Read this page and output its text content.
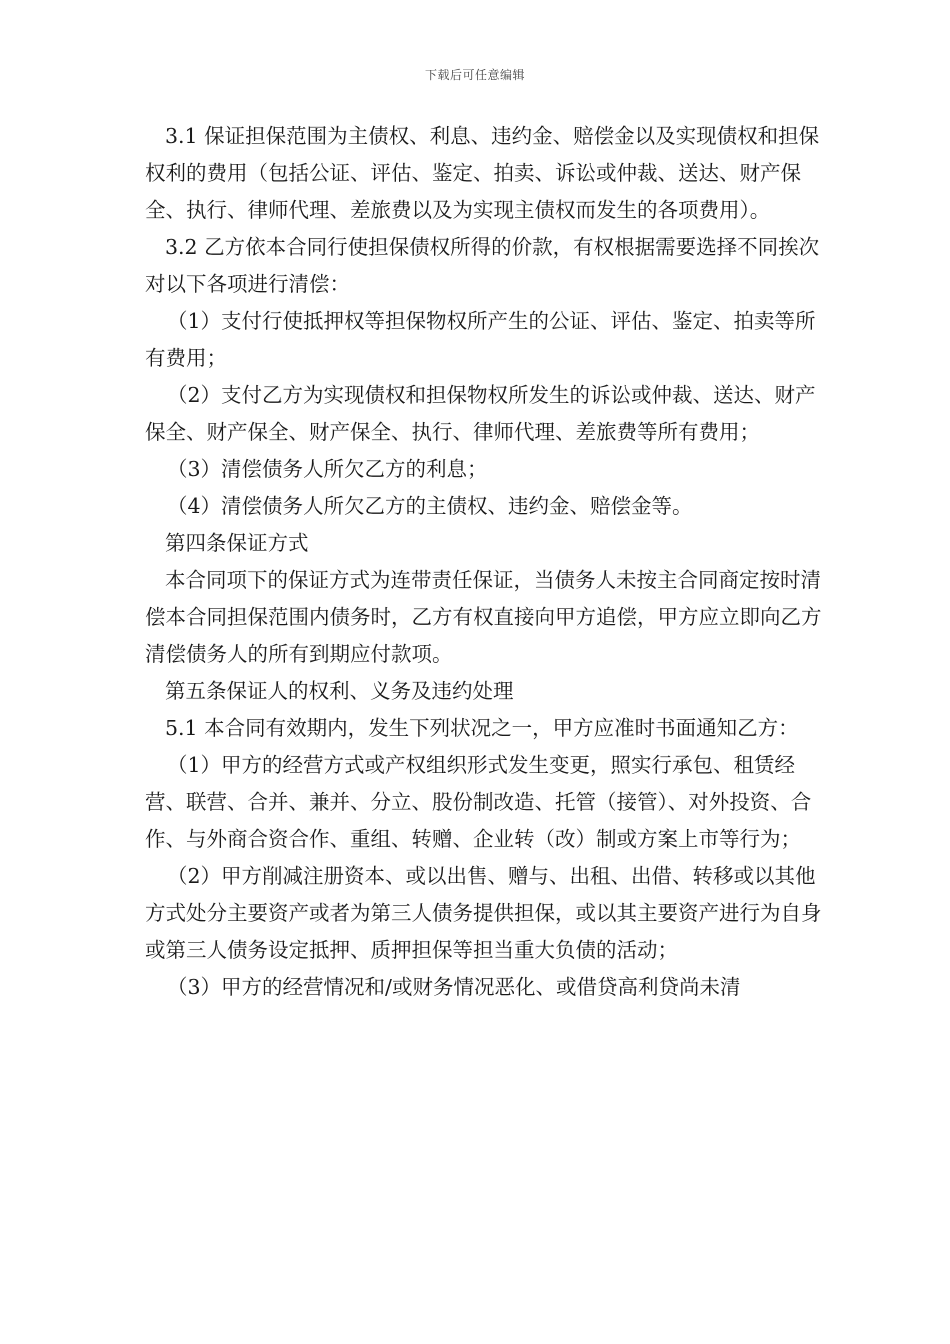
下载后可任意编辑

3.1 保证担保范围为主债权、利息、违约金、赔偿金以及实现债权和担保权利的费用（包括公证、评估、鉴定、拍卖、诉讼或仲裁、送达、财产保全、执行、律师代理、差旅费以及为实现主债权而发生的各项费用）。

3.2 乙方依本合同行使担保债权所得的价款，有权根据需要选择不同挨次对以下各项进行清偿：

（1）支付行使抵押权等担保物权所产生的公证、评估、鉴定、拍卖等所有费用；

（2）支付乙方为实现债权和担保物权所发生的诉讼或仲裁、送达、财产保全、财产保全、财产保全、执行、律师代理、差旅费等所有费用；

（3）清偿债务人所欠乙方的利息；

（4）清偿债务人所欠乙方的主债权、违约金、赔偿金等。

第四条保证方式

本合同项下的保证方式为连带责任保证，当债务人未按主合同商定按时清偿本合同担保范围内债务时，乙方有权直接向甲方追偿，甲方应立即向乙方清偿债务人的所有到期应付款项。

第五条保证人的权利、义务及违约处理

5.1 本合同有效期内，发生下列状况之一，甲方应准时书面通知乙方：

（1）甲方的经营方式或产权组织形式发生变更，照实行承包、租赁经营、联营、合并、兼并、分立、股份制改造、托管（接管）、对外投资、合作、与外商合资合作、重组、转赠、企业转（改）制或方案上市等行为；

（2）甲方削减注册资本、或以出售、赠与、出租、出借、转移或以其他方式处分主要资产或者为第三人债务提供担保，或以其主要资产进行为自身或第三人债务设定抵押、质押担保等担当重大负债的活动；

（3）甲方的经营情况和/或财务情况恶化、或借贷高利贷尚未清
